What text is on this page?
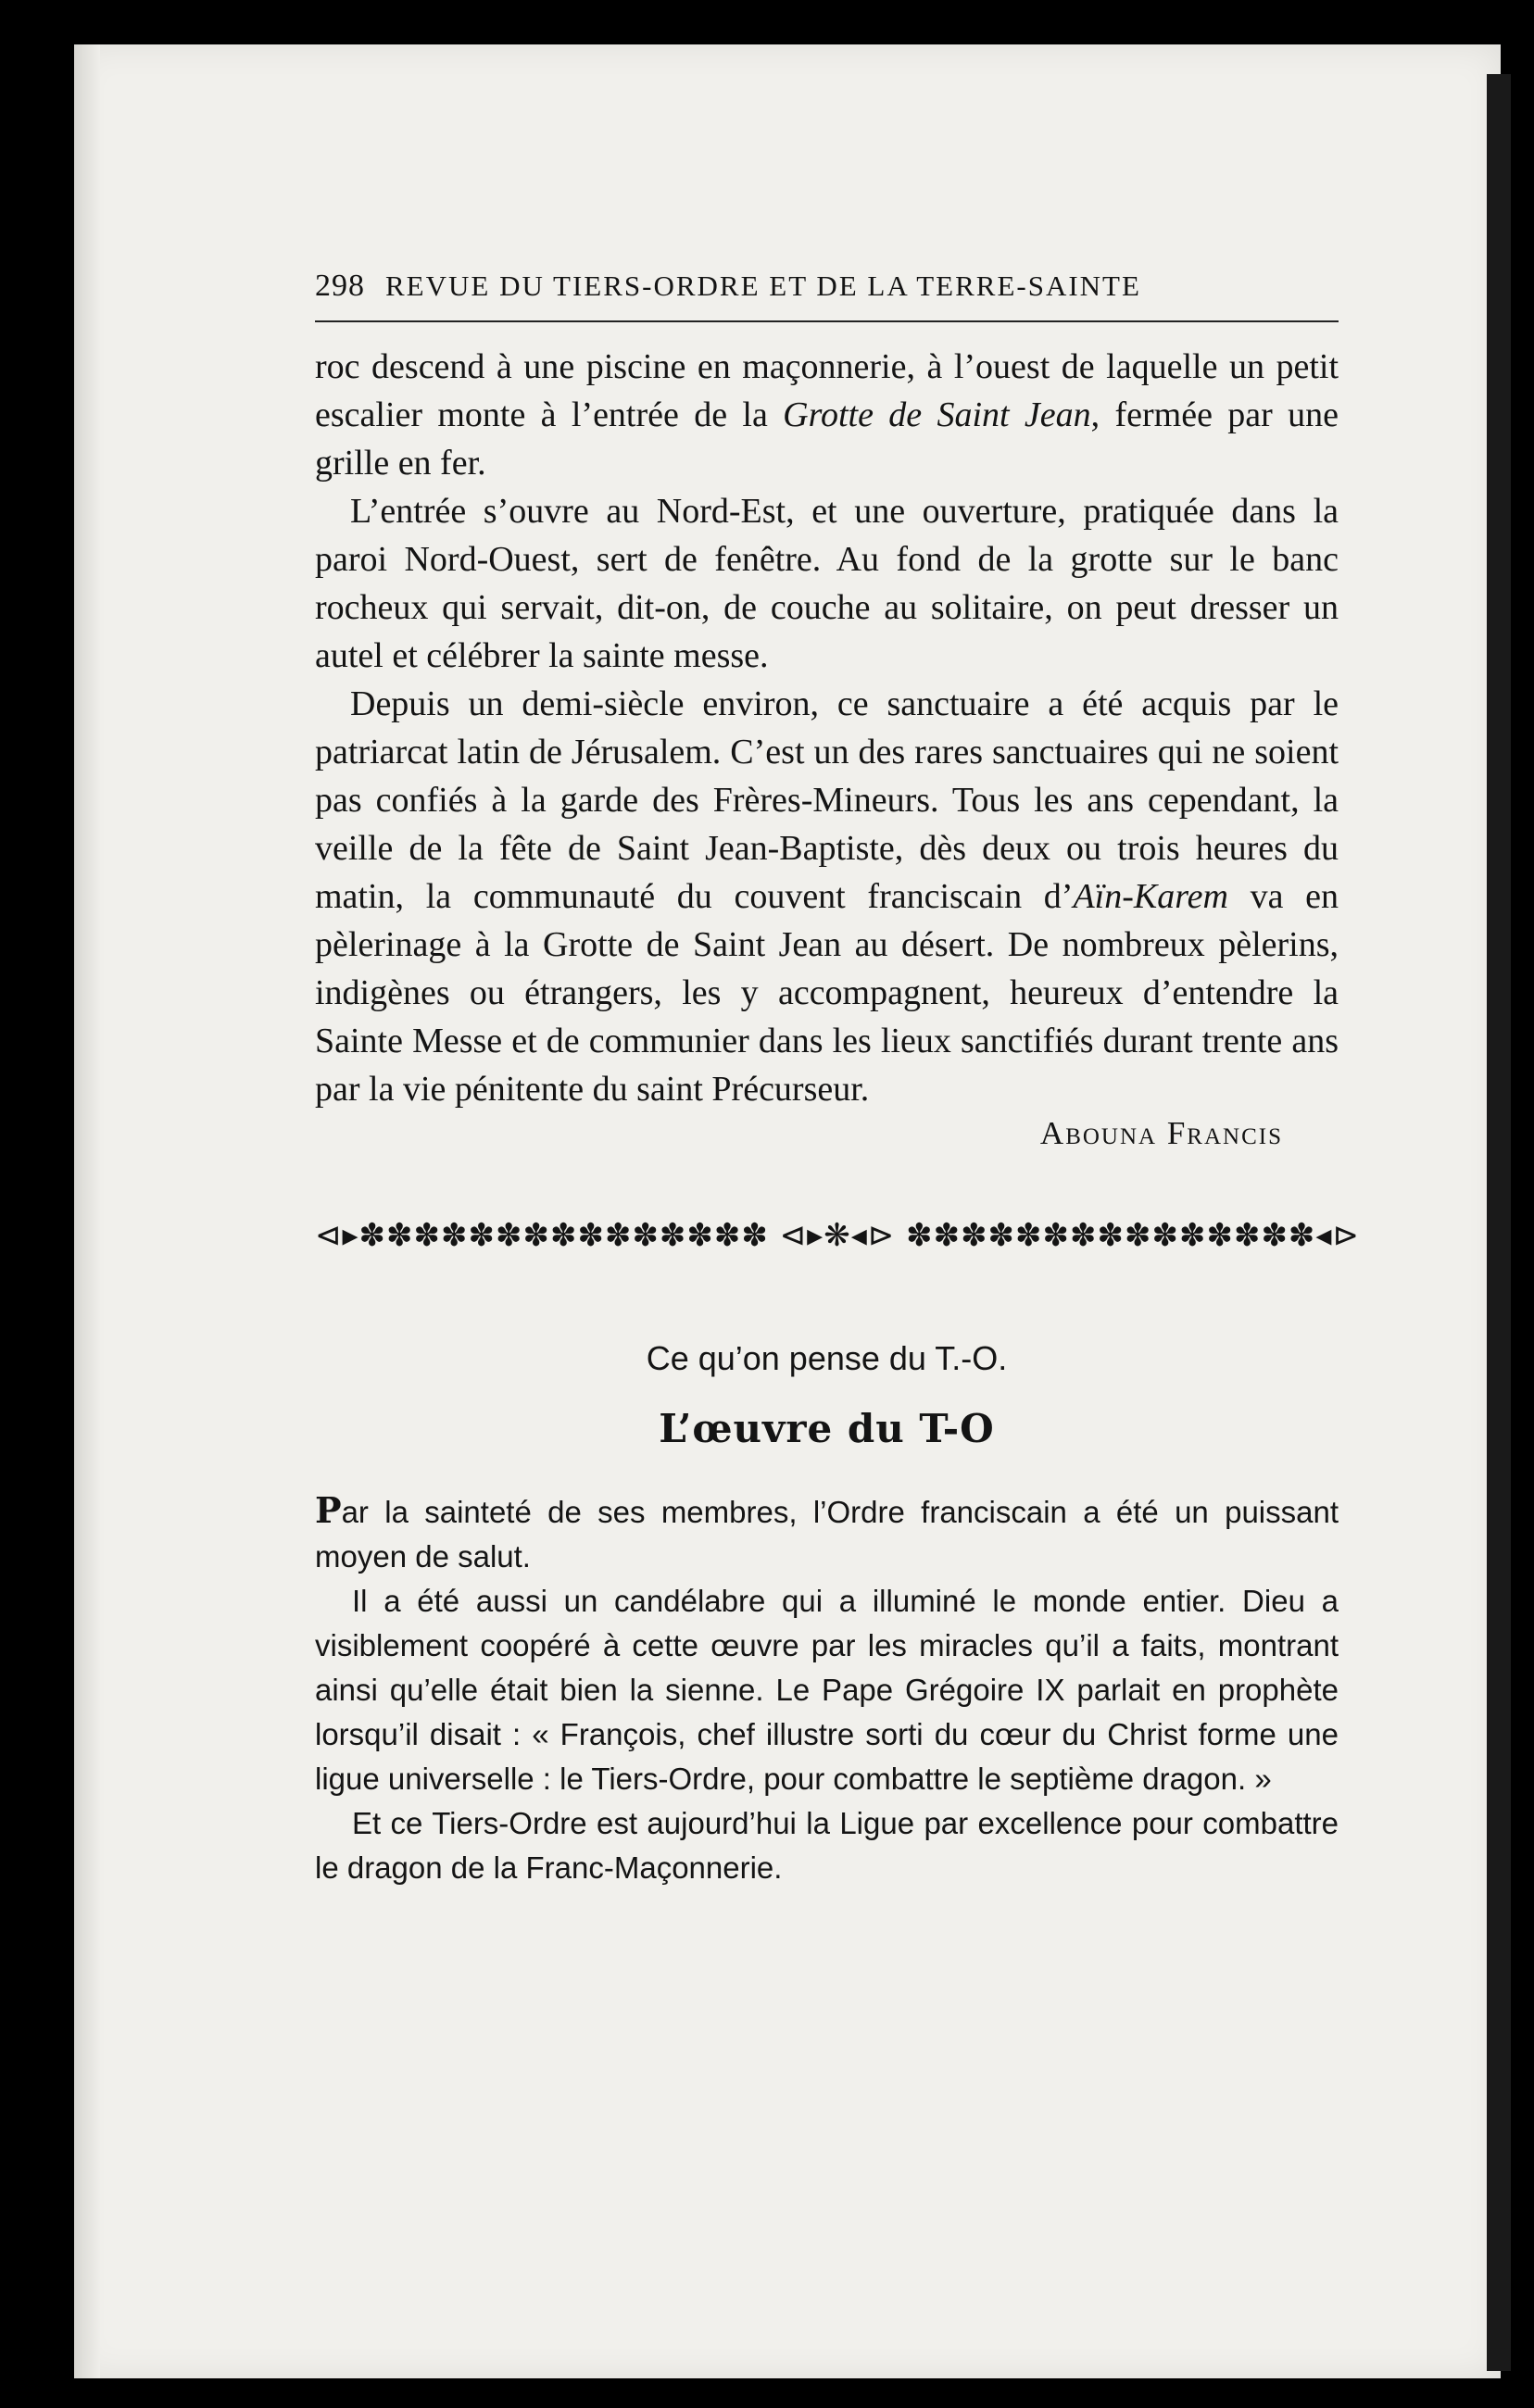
298 REVUE DU TIERS-ORDRE ET DE LA TERRE-SAINTE

roc descend à une piscine en maçonnerie, à l’ouest de laquelle un petit escalier monte à l’entrée de la Grotte de Saint Jean, fermée par une grille en fer.

L’entrée s’ouvre au Nord-Est, et une ouverture, pratiquée dans la paroi Nord-Ouest, sert de fenêtre. Au fond de la grotte sur le banc rocheux qui servait, dit-on, de couche au solitaire, on peut dresser un autel et célébrer la sainte messe.

Depuis un demi-siècle environ, ce sanctuaire a été acquis par le patriarcat latin de Jérusalem. C’est un des rares sanctuaires qui ne soient pas confiés à la garde des Frères-Mineurs. Tous les ans cependant, la veille de la fête de Saint Jean-Baptiste, dès deux ou trois heures du matin, la communauté du couvent franciscain d’Aïn-Karem va en pèlerinage à la Grotte de Saint Jean au désert. De nombreux pèlerins, indigènes ou étrangers, les y accompagnent, heureux d’entendre la Sainte Messe et de communier dans les lieux sanctifiés durant trente ans par la vie pénitente du saint Précurseur.

Abouna Francis
⊲▸✽✽✽✽✽✽✽✽✽✽✽✽✽✽✽ ⊲▸❋◂⊳ ✽✽✽✽✽✽✽✽✽✽✽✽✽✽✽◂⊳
Ce qu’on pense du T.-O.
L’œuvre du T-O

Par la sainteté de ses membres, l’Ordre franciscain a été un puissant moyen de salut.

Il a été aussi un candélabre qui a illuminé le monde entier. Dieu a visiblement coopéré à cette œuvre par les miracles qu’il a faits, montrant ainsi qu’elle était bien la sienne. Le Pape Grégoire IX parlait en prophète lorsqu’il disait : « François, chef illustre sorti du cœur du Christ forme une ligue universelle : le Tiers-Ordre, pour combattre le septième dragon. »

Et ce Tiers-Ordre est aujourd’hui la Ligue par excellence pour combattre le dragon de la Franc-Maçonnerie.
